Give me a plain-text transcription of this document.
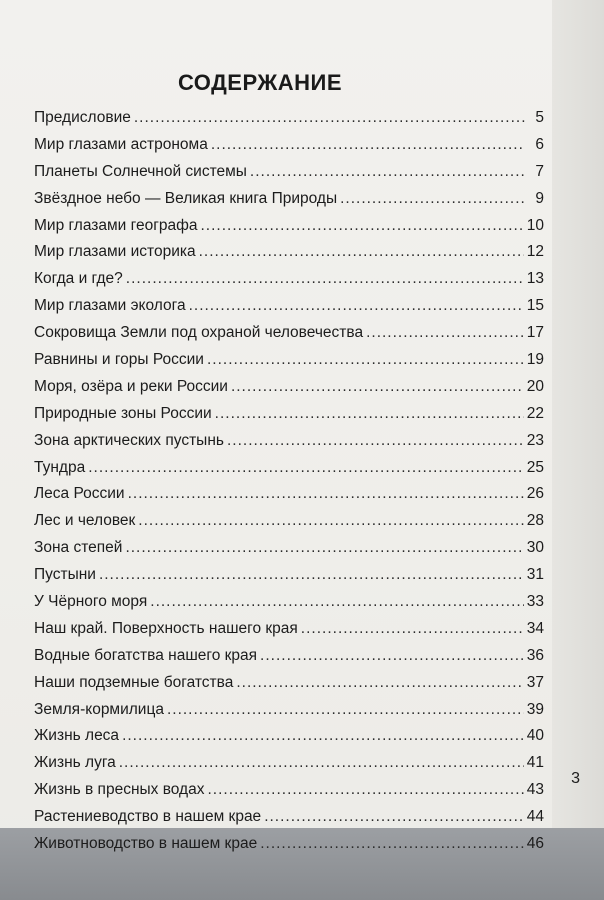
СОДЕРЖАНИЕ
Предисловие .....	5
Мир глазами астронома .....	6
Планеты Солнечной системы .....	7
Звёздное небо — Великая книга Природы .....	9
Мир глазами географа .....	10
Мир глазами историка .....	12
Когда и где? .....	13
Мир глазами эколога .....	15
Сокровища Земли под охраной человечества .....	17
Равнины и горы России .....	19
Моря, озёра и реки России .....	20
Природные зоны России .....	22
Зона арктических пустынь .....	23
Тундра .....	25
Леса России .....	26
Лес и человек .....	28
Зона степей .....	30
Пустыни .....	31
У Чёрного моря .....	33
Наш край. Поверхность нашего края .....	34
Водные богатства нашего края .....	36
Наши подземные богатства .....	37
Земля-кормилица .....	39
Жизнь леса .....	40
Жизнь луга .....	41
Жизнь в пресных водах .....	43
Растениеводство в нашем крае .....	44
Животноводство в нашем крае .....	46
3
